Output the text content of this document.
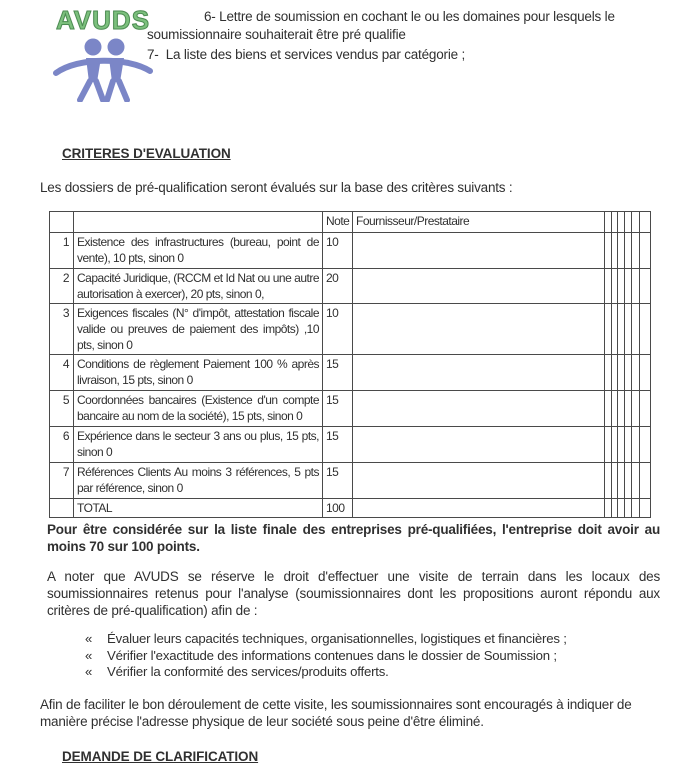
AVUDS	6- Lettre de soumission en cochant le ou les domaines pour lesquels le soumissionnaire souhaiterait être pré qualifie

7-  La liste des biens et services vendus par catégorie ;

CRITERES D'EVALUATION

Les dossiers de pré-qualification seront évalués sur la base des critères suivants :

		Note	Fournisseur/Prestataire						
1	Existence des infrastructures (bureau, point de vente), 10 pts, sinon 0	10							
2	Capacité Juridique, (RCCM et Id Nat ou une autre autorisation à exercer), 20 pts, sinon 0,	20							
3	Exigences fiscales (N° d'impôt, attestation fiscale valide ou preuves de paiement des impôts) ,10 pts, sinon 0	10							
4	Conditions de règlement Paiement 100 % après livraison, 15 pts, sinon 0	15							
5	Coordonnées bancaires (Existence d'un compte bancaire au nom de la société), 15 pts, sinon 0	15							
6	Expérience dans le secteur 3 ans ou plus, 15 pts, sinon 0	15							
7	Références Clients Au moins 3 références, 5 pts par référence, sinon 0	15							
	TOTAL	100							

Pour être considérée sur la liste finale des entreprises pré-qualifiées, l'entreprise doit avoir au moins 70 sur 100 points.

A noter que AVUDS se réserve le droit d'effectuer une visite de terrain dans les locaux des soumissionnaires retenus pour l'analyse (soumissionnaires dont les propositions auront répondu aux critères de pré-qualification) afin de :

«	Évaluer leurs capacités techniques, organisationnelles, logistiques et financières ;
«	Vérifier l'exactitude des informations contenues dans le dossier de Soumission ;
«	Vérifier la conformité des services/produits offerts.

Afin de faciliter le bon déroulement de cette visite, les soumissionnaires sont encouragés à indiquer de manière précise l'adresse physique de leur société sous peine d'être éliminé.

DEMANDE DE CLARIFICATION
